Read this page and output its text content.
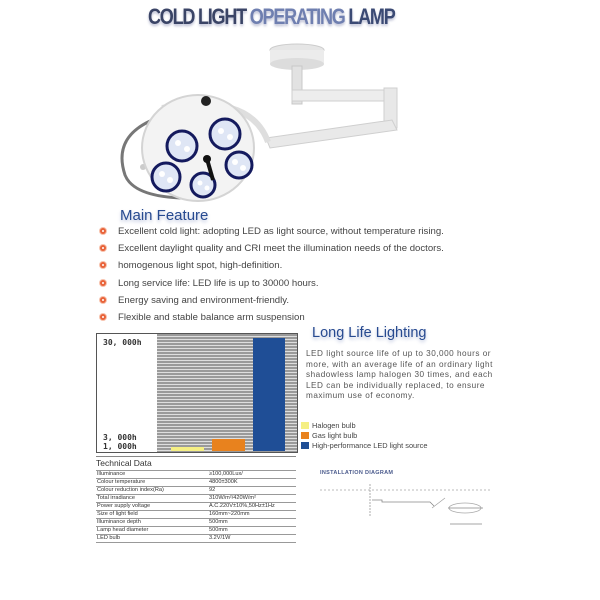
COLD LIGHT OPERATING LAMP
Main Feature
Excellent cold light: adopting LED as light source, without temperature rising.
Excellent daylight quality and CRI meet the illumination needs of the doctors.
homogenous light spot, high-definition.
Long service life: LED life is up to 30000 hours.
Energy saving and environment-friendly.
Flexible and stable balance arm suspension
30, 000h
3, 000h
1, 000h
Long Life Lighting
LED light source life of up to 30,000 hours or more, with an average life of an ordinary light shadowless lamp halogen 30 times, and each LED can be individually replaced, to ensure maximum use of economy.
Halogen bulb
Gas light bulb
High-performance LED light source
Technical Data
Illuminance	≥100,000Lux/
Colour temperature	4800±300K
Colour reduction index(Ra)	92
Total irradiance	310W/m²/420W/m²
Power supply voltage	A.C.220V±10%,50Hz±1Hz
Size of light field	160mm~220mm
Illuminance depth	500mm
Lamp head diameter	500mm
LED bulb	3.2V/1W
INSTALLATION DIAGRAM
